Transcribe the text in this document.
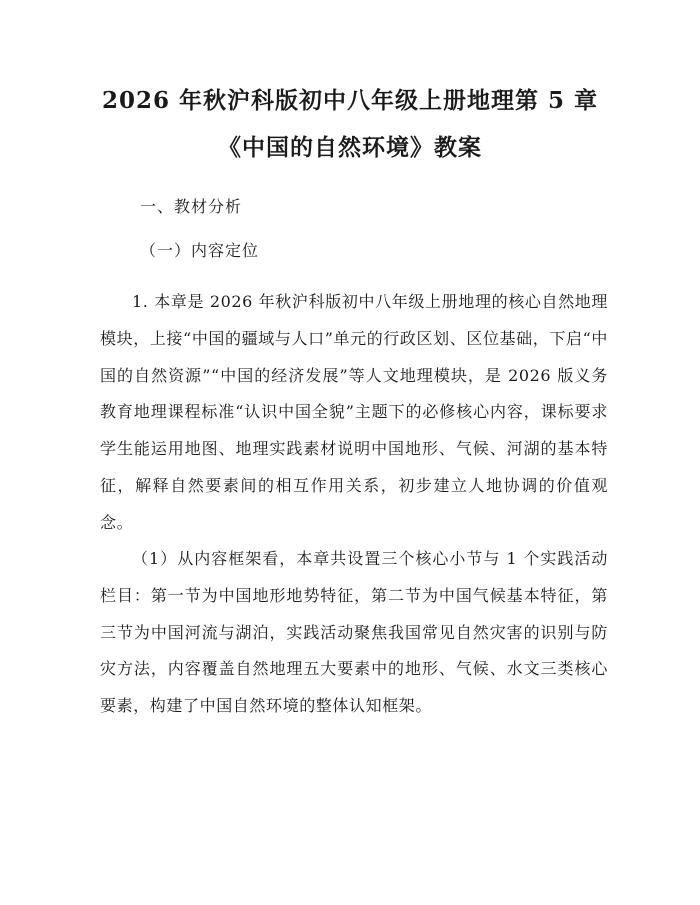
2026 年秋沪科版初中八年级上册地理第 5 章
《中国的自然环境》教案
一、教材分析
（一）内容定位

1. 本章是 2026 年秋沪科版初中八年级上册地理的核心自然地理模块，上接“中国的疆域与人口”单元的行政区划、区位基础，下启“中国的自然资源”“中国的经济发展”等人文地理模块，是 2026 版义务教育地理课程标准“认识中国全貌”主题下的必修核心内容，课标要求学生能运用地图、地理实践素材说明中国地形、气候、河湖的基本特征，解释自然要素间的相互作用关系，初步建立人地协调的价值观念。

（1）从内容框架看，本章共设置三个核心小节与 1 个实践活动栏目：第一节为中国地形地势特征，第二节为中国气候基本特征，第三节为中国河流与湖泊，实践活动聚焦我国常见自然灾害的识别与防灾方法，内容覆盖自然地理五大要素中的地形、气候、水文三类核心要素，构建了中国自然环境的整体认知框架。
